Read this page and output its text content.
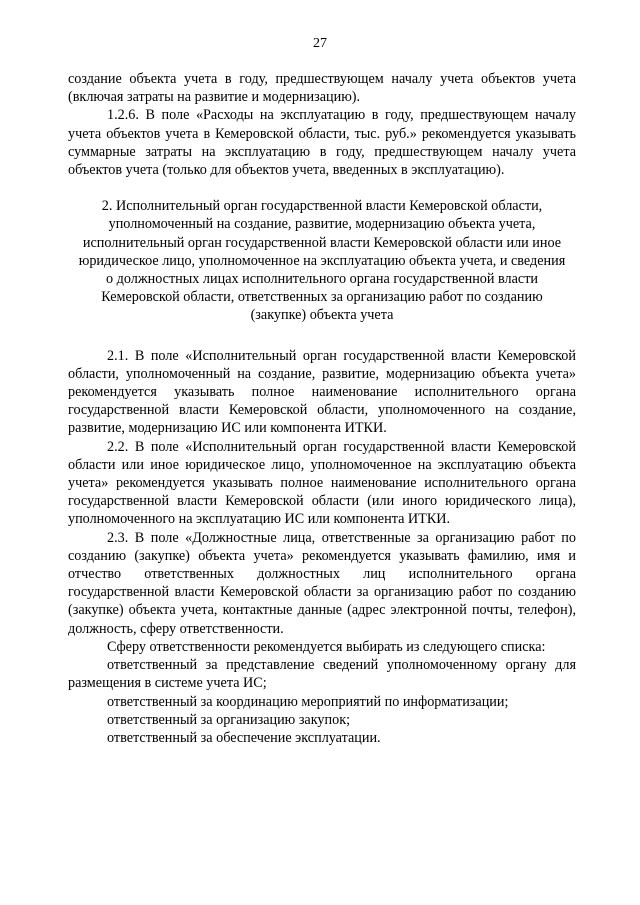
27

создание объекта учета в году, предшествующем началу учета объектов учета (включая затраты на развитие и модернизацию).

1.2.6. В поле «Расходы на эксплуатацию в году, предшествующем началу учета объектов учета в Кемеровской области, тыс. руб.» рекомендуется указывать суммарные затраты на эксплуатацию в году, предшествующем началу учета объектов учета (только для объектов учета, введенных в эксплуатацию).

2. Исполнительный орган государственной власти Кемеровской области, уполномоченный на создание, развитие, модернизацию объекта учета, исполнительный орган государственной власти Кемеровской области или иное юридическое лицо, уполномоченное на эксплуатацию объекта учета, и сведения о должностных лицах исполнительного органа государственной власти Кемеровской области, ответственных за организацию работ по созданию (закупке) объекта учета

2.1. В поле «Исполнительный орган государственной власти Кемеровской области, уполномоченный на создание, развитие, модернизацию объекта учета» рекомендуется указывать полное наименование исполнительного органа государственной власти Кемеровской области, уполномоченного на создание, развитие, модернизацию ИС или компонента ИТКИ.

2.2. В поле «Исполнительный орган государственной власти Кемеровской области или иное юридическое лицо, уполномоченное на эксплуатацию объекта учета» рекомендуется указывать полное наименование исполнительного органа государственной власти Кемеровской области (или иного юридического лица), уполномоченного на эксплуатацию ИС или компонента ИТКИ.

2.3. В поле «Должностные лица, ответственные за организацию работ по созданию (закупке) объекта учета» рекомендуется указывать фамилию, имя и отчество ответственных должностных лиц исполнительного органа государственной власти Кемеровской области за организацию работ по созданию (закупке) объекта учета, контактные данные (адрес электронной почты, телефон), должность, сферу ответственности.

Сферу ответственности рекомендуется выбирать из следующего списка:

ответственный за представление сведений уполномоченному органу для размещения в системе учета ИС;

ответственный за координацию мероприятий по информатизации;

ответственный за организацию закупок;

ответственный за обеспечение эксплуатации.
